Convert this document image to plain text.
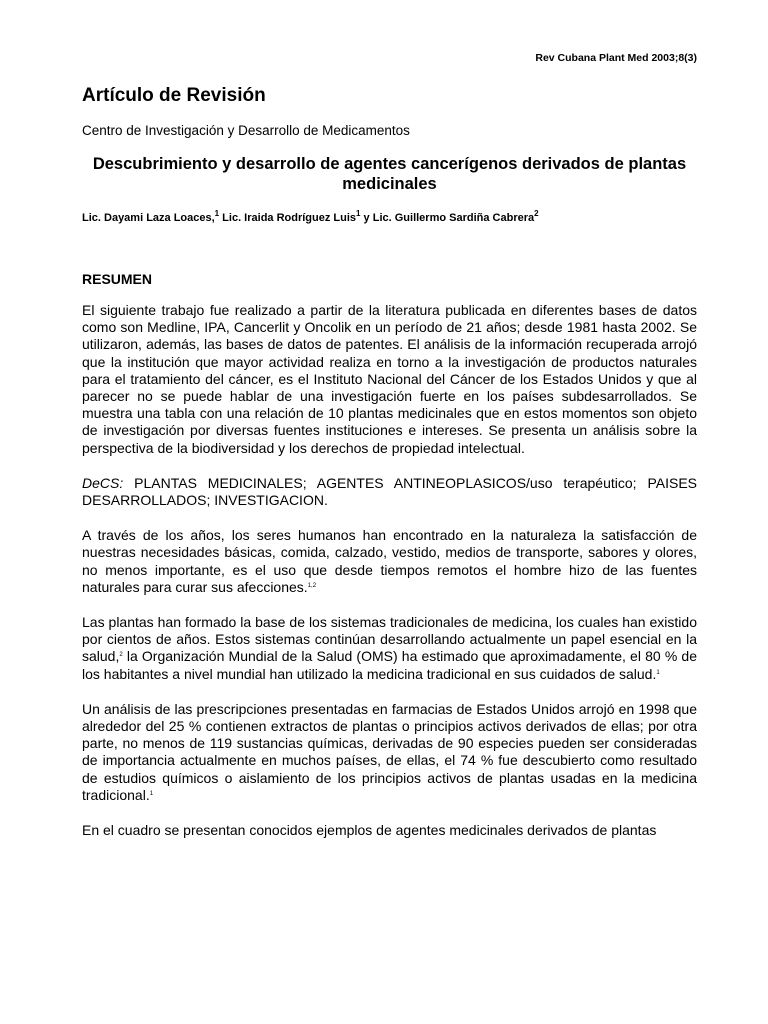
Rev Cubana Plant Med 2003;8(3)
Artículo de Revisión
Centro de Investigación y Desarrollo de Medicamentos
Descubrimiento y desarrollo de agentes cancerígenos derivados de plantas medicinales
Lic. Dayami Laza Loaces,$^1$ Lic. Iraida Rodríguez Luis$^1$ y Lic. Guillermo Sardiña Cabrera$^2$
RESUMEN

El siguiente trabajo fue realizado a partir de la literatura publicada en diferentes bases de datos como son Medline, IPA, Cancerlit y Oncolik en un período de 21 años; desde 1981 hasta 2002. Se utilizaron, además, las bases de datos de patentes. El análisis de la información recuperada arrojó que la institución que mayor actividad realiza en torno a la investigación de productos naturales para el tratamiento del cáncer, es el Instituto Nacional del Cáncer de los Estados Unidos y que al parecer no se puede hablar de una investigación fuerte en los países subdesarrollados. Se muestra una tabla con una relación de 10 plantas medicinales que en estos momentos son objeto de investigación por diversas fuentes instituciones e intereses. Se presenta un análisis sobre la perspectiva de la biodiversidad y los derechos de propiedad intelectual.

DeCS: PLANTAS MEDICINALES; AGENTES ANTINEOPLASICOS/uso terapéutico; PAISES DESARROLLADOS; INVESTIGACION.

A través de los años, los seres humanos han encontrado en la naturaleza la satisfacción de nuestras necesidades básicas, comida, calzado, vestido, medios de transporte, sabores y olores, no menos importante, es el uso que desde tiempos remotos el hombre hizo de las fuentes naturales para curar sus afecciones.$^{1,2}$

Las plantas han formado la base de los sistemas tradicionales de medicina, los cuales han existido por cientos de años. Estos sistemas continúan desarrollando actualmente un papel esencial en la salud,$^2$ la Organización Mundial de la Salud (OMS) ha estimado que aproximadamente, el 80 % de los habitantes a nivel mundial han utilizado la medicina tradicional en sus cuidados de salud.$^1$

Un análisis de las prescripciones presentadas en farmacias de Estados Unidos arrojó en 1998 que alrededor del 25 % contienen extractos de plantas o principios activos derivados de ellas; por otra parte, no menos de 119 sustancias químicas, derivadas de 90 especies pueden ser consideradas de importancia actualmente en muchos países, de ellas, el 74 % fue descubierto como resultado de estudios químicos o aislamiento de los principios activos de plantas usadas en la medicina tradicional.$^1$

En el cuadro se presentan conocidos ejemplos de agentes medicinales derivados de plantas
